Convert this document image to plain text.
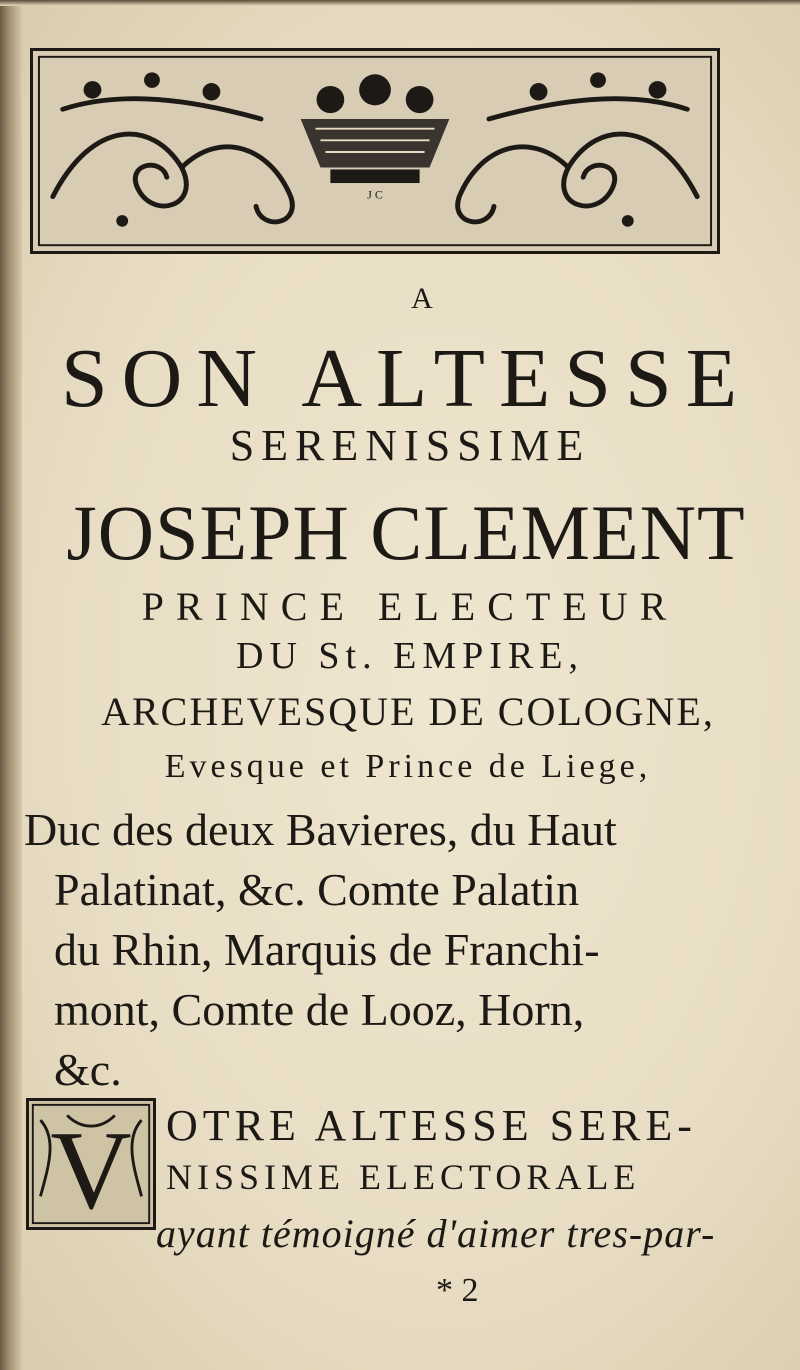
J C
A
SON ALTESSE
SERENISSIME
JOSEPH CLEMENT
PRINCE ELECTEUR
DU St. EMPIRE,
ARCHEVESQUE DE COLOGNE,
Evesque et Prince de Liege,
Duc des deux Bavieres, du Haut
Palatinat, &c. Comte Palatin
du Rhin, Marquis de Franchi-
mont, Comte de Looz, Horn,
&c.
V OTRE ALTESSE SERE-
NISSIME ELECTORALE
ayant témoigné d'aimer tres-par-
* 2
